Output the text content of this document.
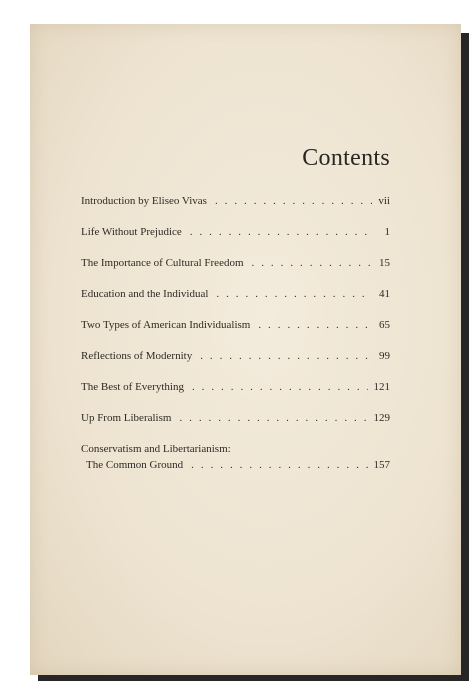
Contents
Introduction by Eliseo Vivas . . .	vii
Life Without Prejudice . . .	1
The Importance of Cultural Freedom . . .	15
Education and the Individual . . .	41
Two Types of American Individualism . . .	65
Reflections of Modernity . . .	99
The Best of Everything . . .	121
Up From Liberalism . . .	129
Conservatism and Libertarianism:
The Common Ground . . .	157
